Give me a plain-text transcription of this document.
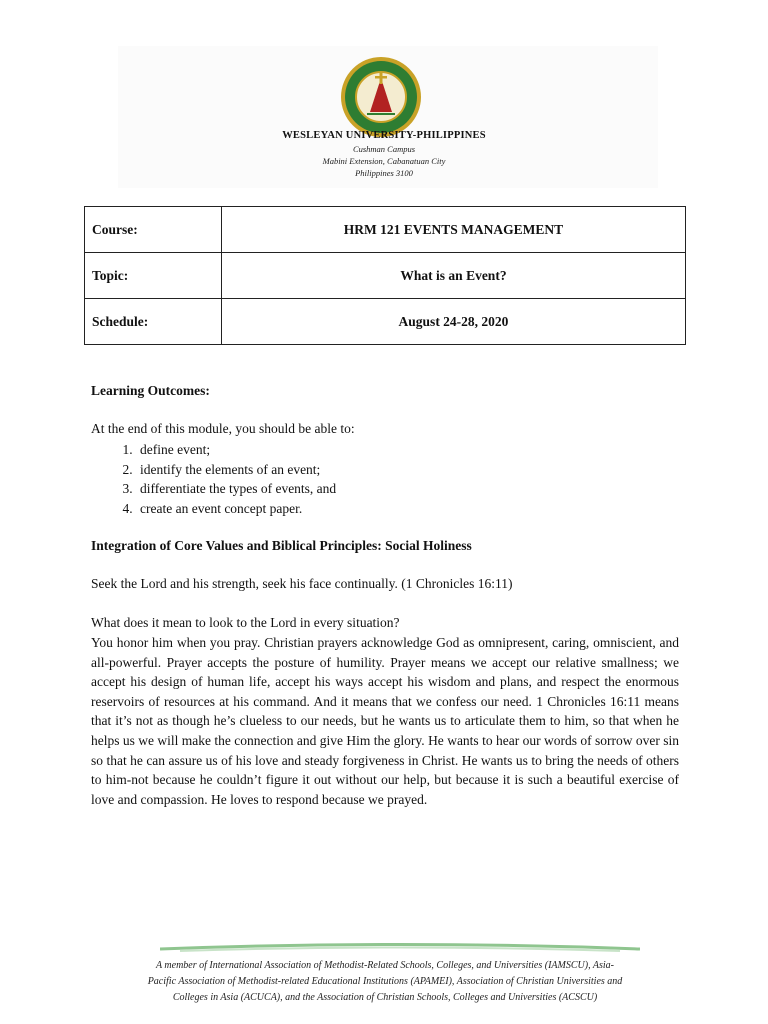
WESLEYAN UNIVERSITY-PHILIPPINES
Cushman Campus
Mabini Extension, Cabanatuan City
Philippines 3100
Course:	HRM 121 EVENTS MANAGEMENT
Topic:	What is an Event?
Schedule:	August 24-28, 2020
Learning Outcomes:
At the end of this module, you should be able to:
1. define event;
2. identify the elements of an event;
3. differentiate the types of events, and
4. create an event concept paper.
Integration of Core Values and Biblical Principles: Social Holiness
Seek the Lord and his strength, seek his face continually. (1 Chronicles 16:11)
What does it mean to look to the Lord in every situation?

You honor him when you pray. Christian prayers acknowledge God as omnipresent, caring, omniscient, and all-powerful. Prayer accepts the posture of humility. Prayer means we accept our relative smallness; we accept his design of human life, accept his ways accept his wisdom and plans, and respect the enormous reservoirs of resources at his command. And it means that we confess our need. 1 Chronicles 16:11 means that it’s not as though he’s clueless to our needs, but he wants us to articulate them to him, so that when he helps us we will make the connection and give Him the glory. He wants to hear our words of sorrow over sin so that he can assure us of his love and steady forgiveness in Christ. He wants us to bring the needs of others to him-not because he couldn’t figure it out without our help, but because it is such a beautiful exercise of love and compassion. He loves to respond because we prayed.

A member of International Association of Methodist-Related Schools, Colleges, and Universities (IAMSCU), Asia-
Pacific Association of Methodist-related Educational Institutions (APAMEI), Association of Christian Universities and
Colleges in Asia (ACUCA), and the Association of Christian Schools, Colleges and Universities (ACSCU)
